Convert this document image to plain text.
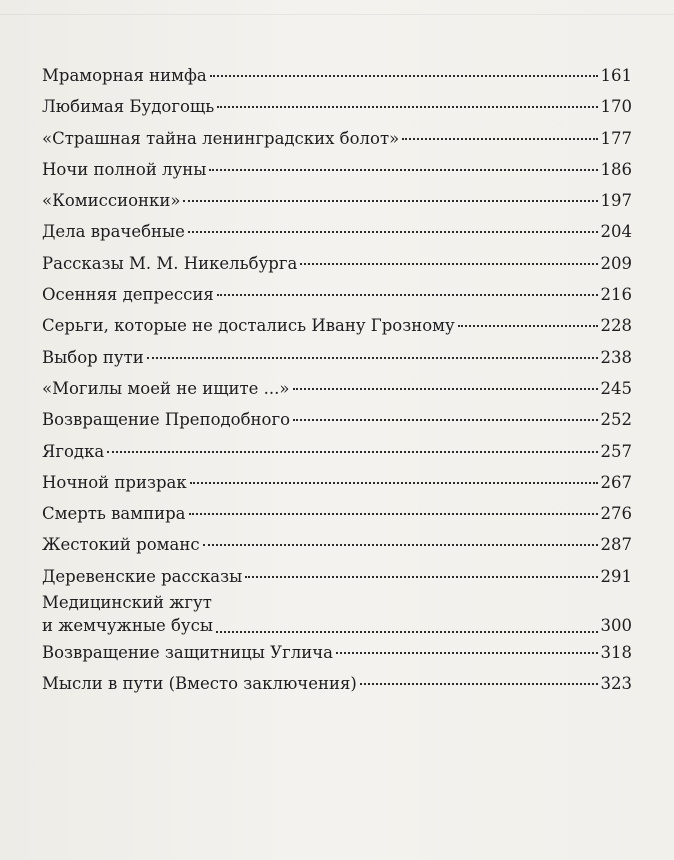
Мраморная нимфа	161
Любимая Будогощь	170
«Страшная тайна ленинградских болот»	177
Ночи полной луны	186
«Комиссионки»	197
Дела врачебные	204
Рассказы М. М. Никельбурга	209
Осенняя депрессия	216
Серьги, которые не достались Ивану Грозному	228
Выбор пути	238
«Могилы моей не ищите ...»	245
Возвращение Преподобного	252
Ягодка	257
Ночной призрак	267
Смерть вампира	276
Жестокий романс	287
Деревенские рассказы	291
Медицинский жгут
и жемчужные бусы	300
Возвращение защитницы Углича	318
Мысли в пути (Вместо заключения)	323
